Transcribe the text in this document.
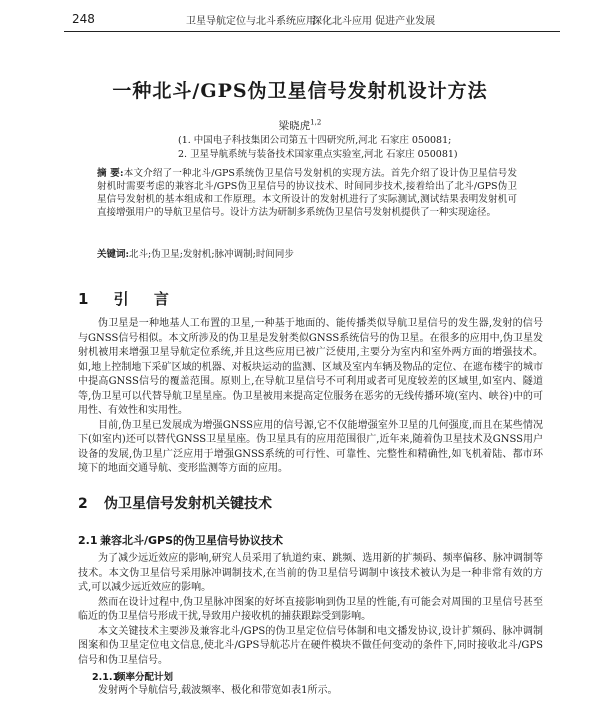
248	卫星导航定位与北斗系统应用
深化北斗应用 促进产业发展
一种北斗/GPS伪卫星信号发射机设计方法
梁晓虎$^{1,2}$
(1. 中国电子科技集团公司第五十四研究所,河北 石家庄 050081;
2. 卫星导航系统与装备技术国家重点实验室,河北 石家庄 050081)
摘 要:本文介绍了一种北斗/GPS系统伪卫星信号发射机的实现方法。首先介绍了设计伪卫星信号发射机时需要考虑的兼容北斗/GPS伪卫星信号的协议技术、时间同步技术,接着给出了北斗/GPS伪卫星信号发射机的基本组成和工作原理。本文所设计的发射机进行了实际测试,测试结果表明发射机可直接增强用户的导航卫星信号。设计方法为研制多系统伪卫星信号发射机提供了一种实现途径。
关键词:北斗;伪卫星;发射机;脉冲调制;时间同步
1 引 言

伪卫星是一种地基人工布置的卫星,一种基于地面的、能传播类似导航卫星信号的发生器,发射的信号与GNSS信号相似。本文所涉及的伪卫星是发射类似GNSS系统信号的伪卫星。在很多的应用中,伪卫星发射机被用来增强卫星导航定位系统,并且这些应用已被广泛使用,主要分为室内和室外两方面的增强技术。如,地上控制地下采矿区域的机器、对板块运动的监测、区域及室内车辆及物品的定位、在遮布楼宇的城市中提高GNSS信号的覆盖范围。原则上,在导航卫星信号不可利用或者可见度较差的区域里,如室内、隧道等,伪卫星可以代替导航卫星星座。伪卫星被用来提高定位服务在恶劣的无线传播环境(室内、峡谷)中的可用性、有效性和实用性。

目前,伪卫星已发展成为增强GNSS应用的信号源,它不仅能增强室外卫星的几何强度,而且在某些情况下(如室内)还可以替代GNSS卫星星座。伪卫星具有的应用范围很广,近年来,随着伪卫星技术及GNSS用户设备的发展,伪卫星广泛应用于增强GNSS系统的可行性、可靠性、完整性和精确性,如飞机着陆、都市环境下的地面交通导航、变形监测等方面的应用。

2 伪卫星信号发射机关键技术
2.1 兼容北斗/GPS的伪卫星信号协议技术

为了减少远近效应的影响,研究人员采用了轨道约束、跳频、选用新的扩频码、频率偏移、脉冲调制等技术。本文伪卫星信号采用脉冲调制技术,在当前的伪卫星信号调制中该技术被认为是一种非常有效的方式,可以减少远近效应的影响。

然而在设计过程中,伪卫星脉冲图案的好坏直接影响到伪卫星的性能,有可能会对周围的卫星信号甚至临近的伪卫星信号形成干扰,导致用户接收机的捕获跟踪受到影响。

本文关键技术主要涉及兼容北斗/GPS的伪卫星定位信号体制和电文播发协议,设计扩频码、脉冲调制图案和伪卫星定位电文信息,使北斗/GPS导航芯片在硬件模块不做任何变动的条件下,同时接收北斗/GPS信号和伪卫星信号。

2.1.1频率分配计划

发射两个导航信号,载波频率、极化和带宽如表1所示。
